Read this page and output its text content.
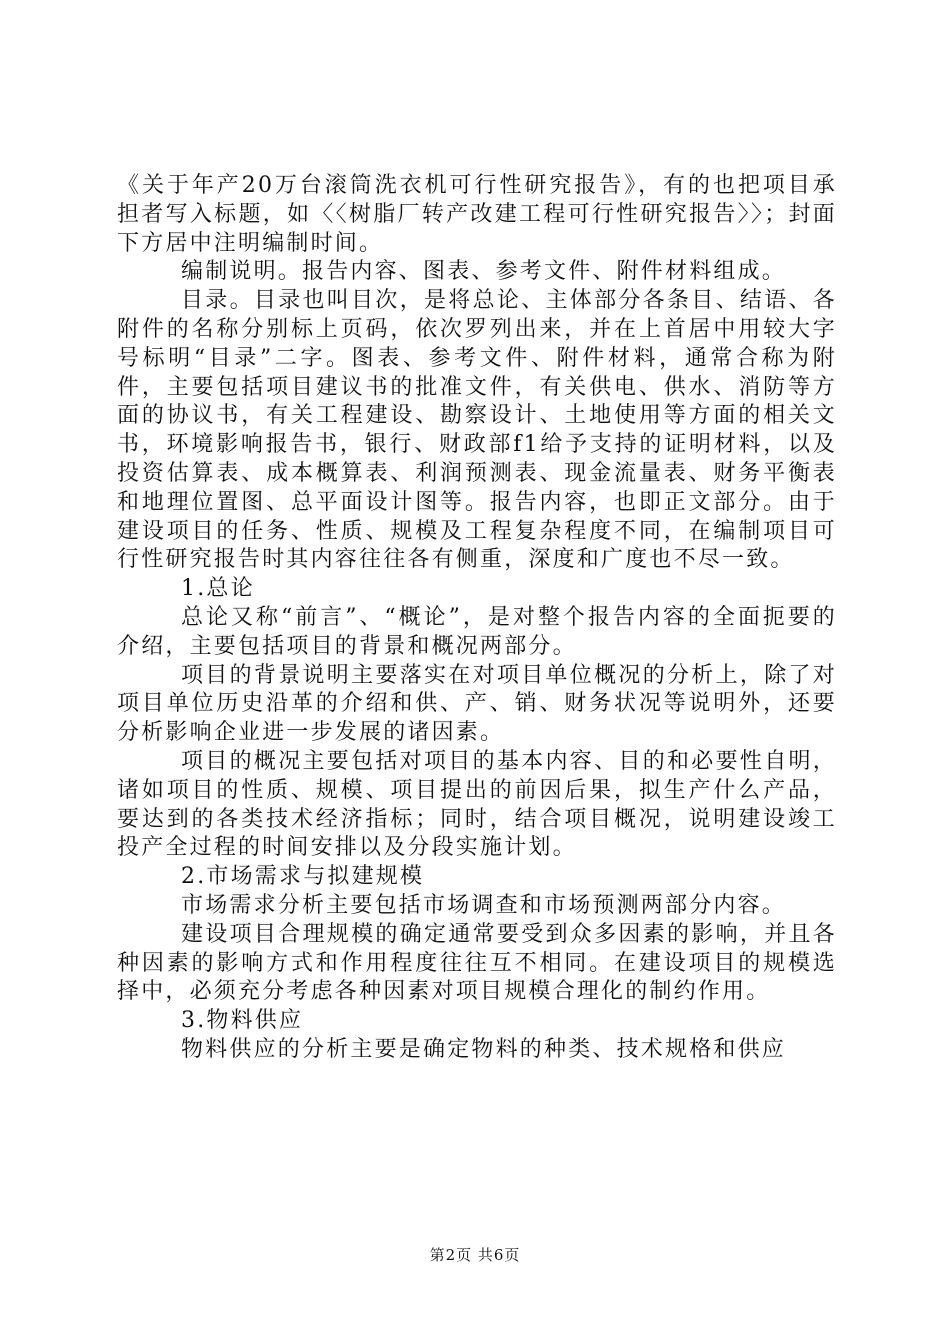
《关于年产20万台滚筒洗衣机可行性研究报告》，有的也把项目承担者写入标题，如〈〈树脂厂转产改建工程可行性研究报告〉〉；封面下方居中注明编制时间。

编制说明。报告内容、图表、参考文件、附件材料组成。

目录。目录也叫目次，是将总论、主体部分各条目、结语、各附件的名称分别标上页码，依次罗列出来，并在上首居中用较大字号标明“目录”二字。图表、参考文件、附件材料，通常合称为附件，主要包括项目建议书的批准文件，有关供电、供水、消防等方面的协议书，有关工程建设、勘察设计、土地使用等方面的相关文书，环境影响报告书，银行、财政部f1给予支持的证明材料，以及投资估算表、成本概算表、利润预测表、现金流量表、财务平衡表和地理位置图、总平面设计图等。报告内容，也即正文部分。由于建设项目的任务、性质、规模及工程复杂程度不同，在编制项目可行性研究报告时其内容往往各有侧重，深度和广度也不尽一致。

1.总论

总论又称“前言”、“概论”，是对整个报告内容的全面扼要的介绍，主要包括项目的背景和概况两部分。

项目的背景说明主要落实在对项目单位概况的分析上，除了对项目单位历史沿革的介绍和供、产、销、财务状况等说明外，还要分析影响企业进一步发展的诸因素。

项目的概况主要包括对项目的基本内容、目的和必要性自明，诸如项目的性质、规模、项目提出的前因后果，拟生产什么产品，要达到的各类技术经济指标；同时，结合项目概况，说明建设竣工投产全过程的时间安排以及分段实施计划。

2.市场需求与拟建规模

市场需求分析主要包括市场调查和市场预测两部分内容。

建设项目合理规模的确定通常要受到众多因素的影响，并且各种因素的影响方式和作用程度往往互不相同。在建设项目的规模选择中，必须充分考虑各种因素对项目规模合理化的制约作用。

3.物料供应

物料供应的分析主要是确定物料的种类、技术规格和供应

第2页 共6页
